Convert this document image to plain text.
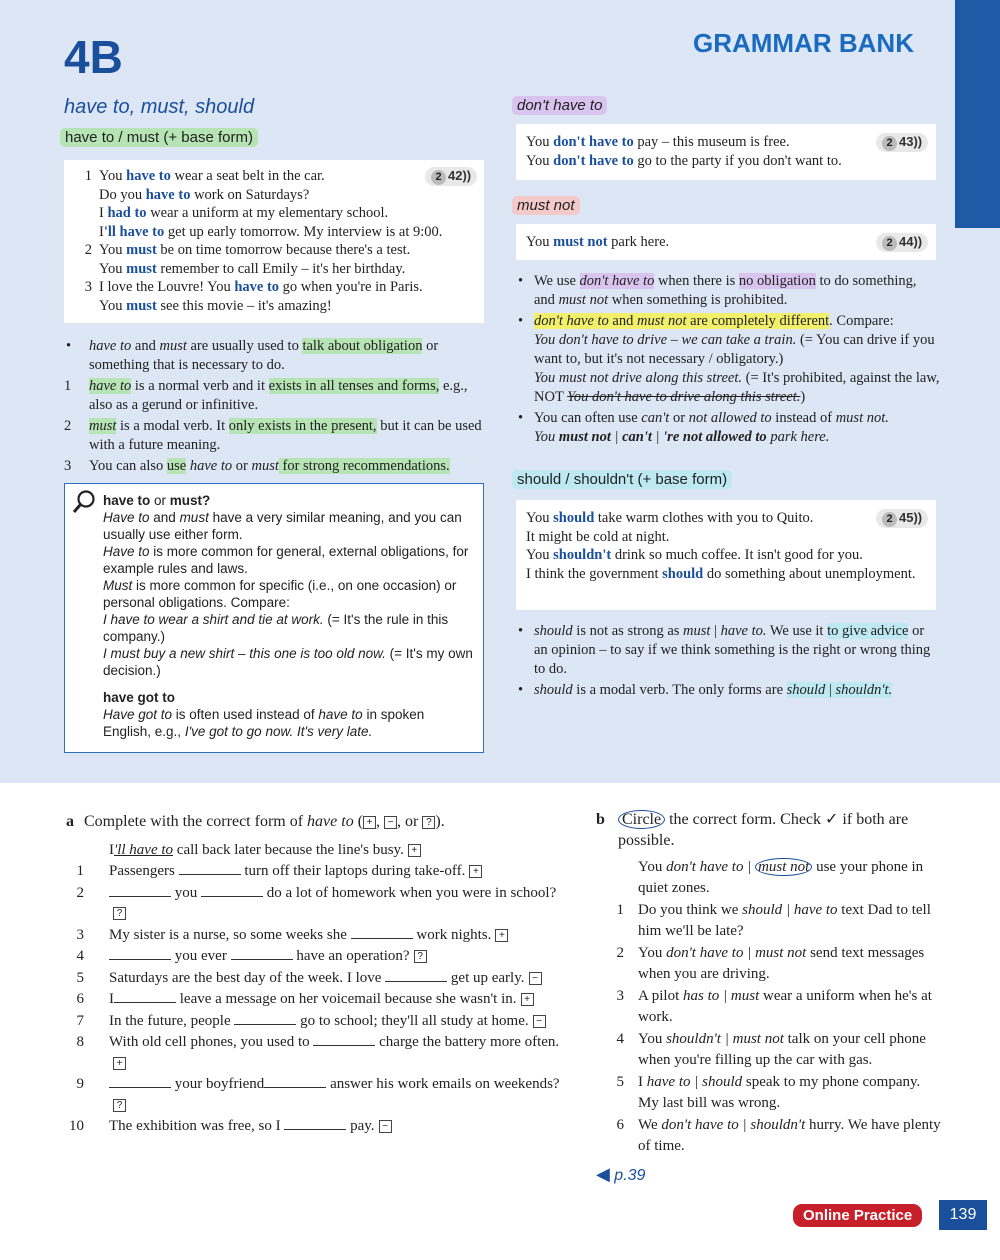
4B	GRAMMAR BANK
have to, must, should
have to / must (+ base form)
1 You have to wear a seat belt in the car.
Do you have to work on Saturdays?
I had to wear a uniform at my elementary school.
I'll have to get up early tomorrow. My interview is at 9:00.
2 You must be on time tomorrow because there's a test.
You must remember to call Emily – it's her birthday.
3 I love the Louvre! You have to go when you're in Paris.
You must see this movie – it's amazing!
2 42))
• have to and must are usually used to talk about obligation or something that is necessary to do.
1 have to is a normal verb and it exists in all tenses and forms, e.g., also as a gerund or infinitive.
2 must is a modal verb. It only exists in the present, but it can be used with a future meaning.
3 You can also use have to or must for strong recommendations.
have to or must?
Have to and must have a very similar meaning, and you can usually use either form.
Have to is more common for general, external obligations, for example rules and laws.
Must is more common for specific (i.e., on one occasion) or personal obligations. Compare:
I have to wear a shirt and tie at work. (= It's the rule in this company.)
I must buy a new shirt – this one is too old now. (= It's my own decision.)
have got to
Have got to is often used instead of have to in spoken English, e.g., I've got to go now. It's very late.
don't have to
You don't have to pay – this museum is free.
You don't have to go to the party if you don't want to.
2 43))
must not
You must not park here.	2 44))
• We use don't have to when there is no obligation to do something, and must not when something is prohibited.
• don't have to and must not are completely different. Compare:
You don't have to drive – we can take a train. (= You can drive if you want to, but it's not necessary / obligatory.)
You must not drive along this street. (= It's prohibited, against the law, NOT You don't have to drive along this street.)
• You can often use can't or not allowed to instead of must not.
You must not | can't | 're not allowed to park here.
should / shouldn't (+ base form)
You should take warm clothes with you to Quito.
It might be cold at night.
You shouldn't drink so much coffee. It isn't good for you.
I think the government should do something about unemployment.
2 45))
• should is not as strong as must | have to. We use it to give advice or an opinion – to say if we think something is the right or wrong thing to do.
• should is a modal verb. The only forms are should | shouldn't.
a Complete with the correct form of have to ( + , − , or ? ).
I'll have to call back later because the line's busy. +
1 Passengers	turn off their laptops during take-off. +
2	you	do a lot of homework when you were in school??
3 My sister is a nurse, so some weeks she	work nights. +
4	you ever	have an operation? ?
5 Saturdays are the best day of the week. I love	get up early. −
6 I	leave a message on her voicemail because she wasn't in. +
7 In the future, people	go to school; they'll all study at home. −
8 With old cell phones, you used to	charge the battery more often.+
9	your boyfriend	answer his work emails on weekends??
10 The exhibition was free, so I	pay. −
b Circle the correct form. Check ✓ if both are possible.
You don't have to | must not use your phone in quiet zones.
1 Do you think we should | have to text Dad to tell him we'll be late?
2 You don't have to | must not send text messages when you are driving.
3 A pilot has to | must wear a uniform when he's at work.
4 You shouldn't | must not talk on your cell phone when you're filling up the car with gas.
5 I have to | should speak to my phone company. My last bill was wrong.
6 We don't have to | shouldn't hurry. We have plenty of time.
◀ p.39
Online Practice	139
